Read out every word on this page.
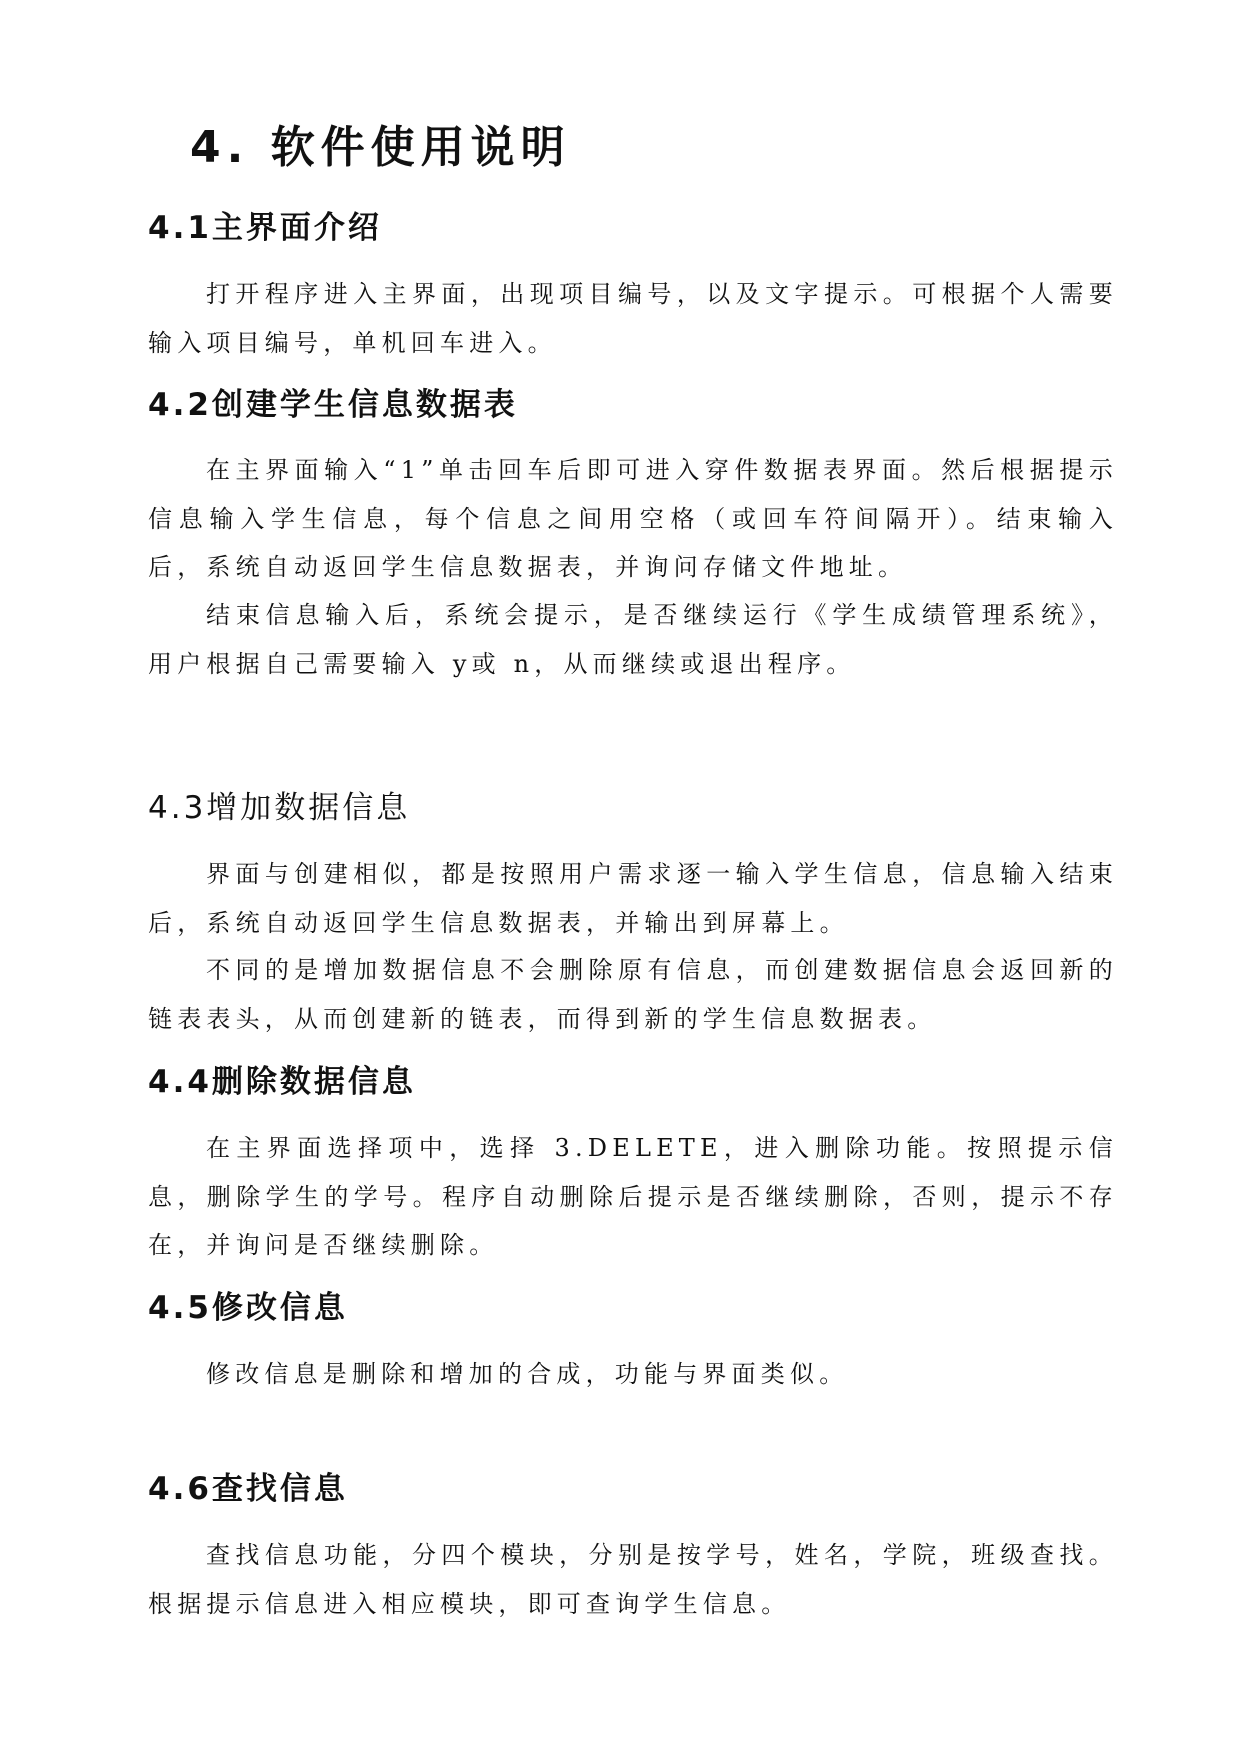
4. 软件使用说明
4.1主界面介绍

打开程序进入主界面，出现项目编号，以及文字提示。可根据个人需要输入项目编号，单机回车进入。

4.2创建学生信息数据表

在主界面输入“1”单击回车后即可进入穿件数据表界面。然后根据提示信息输入学生信息，每个信息之间用空格（或回车符间隔开）。结束输入后，系统自动返回学生信息数据表，并询问存储文件地址。

结束信息输入后，系统会提示，是否继续运行《学生成绩管理系统》，用户根据自己需要输入 y或 n，从而继续或退出程序。

4.3增加数据信息

界面与创建相似，都是按照用户需求逐一输入学生信息，信息输入结束后，系统自动返回学生信息数据表，并输出到屏幕上。

不同的是增加数据信息不会删除原有信息，而创建数据信息会返回新的链表表头，从而创建新的链表，而得到新的学生信息数据表。

4.4删除数据信息

在主界面选择项中，选择 3.DELETE，进入删除功能。按照提示信息，删除学生的学号。程序自动删除后提示是否继续删除，否则，提示不存在，并询问是否继续删除。

4.5修改信息

修改信息是删除和增加的合成，功能与界面类似。

4.6查找信息

查找信息功能，分四个模块，分别是按学号，姓名，学院，班级查找。根据提示信息进入相应模块，即可查询学生信息。
